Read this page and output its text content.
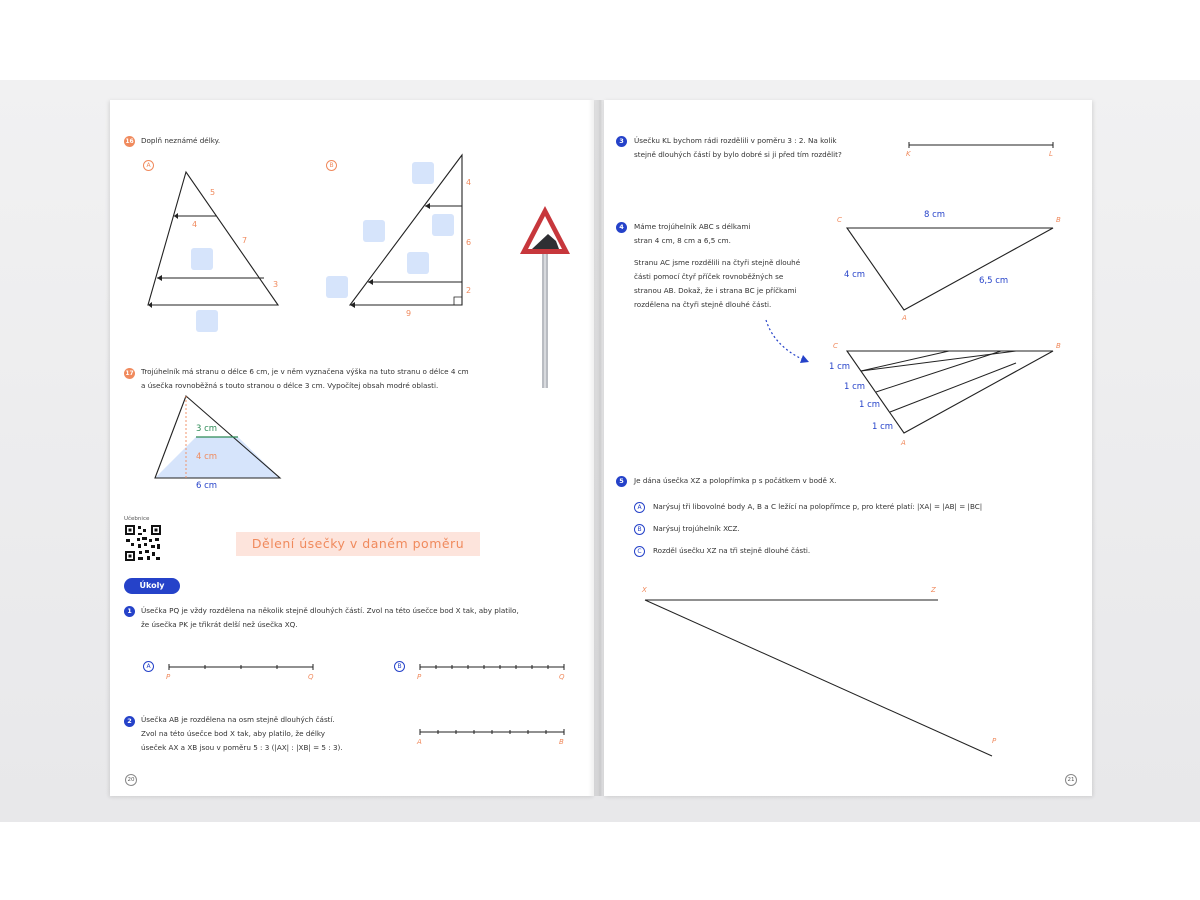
16 Doplň neznámé délky.
A	B
5
4
7
3
4
6
2
9
17 Trojúhelník má stranu o délce 6 cm, je v něm vyznačena výška na tuto stranu o délce 4 cm
a úsečka rovnoběžná s touto stranou o délce 3 cm. Vypočítej obsah modré oblasti.
3 cm
4 cm
6 cm
Učebnice
Dělení úsečky v daném poměru
Úkoly
1	Úsečka PQ je vždy rozdělena na několik stejně dlouhých částí. Zvol na této úsečce bod X tak, aby platilo,
že úsečka PK je třikrát delší než úsečka XQ.
A	B
P	Q	P	Q
2	Úsečka AB je rozdělena na osm stejně dlouhých částí.
Zvol na této úsečce bod X tak, aby platilo, že délky
úseček AX a XB jsou v poměru 5 : 3 (|AX| : |XB| = 5 : 3).
A	B
20
3	Úsečku KL bychom rádi rozdělili v poměru 3 : 2. Na kolik
stejně dlouhých částí by bylo dobré si ji před tím rozdělit?	K	L
4	Máme trojúhelník ABC s délkami
stran 4 cm, 8 cm a 6,5 cm.
Stranu AC jsme rozdělili na čtyři stejně dlouhé
části pomocí čtyř příček rovnoběžných se
stranou AB. Dokaž, že i strana BC je příčkami
rozdělena na čtyři stejně dlouhé části.
C	B
A
8 cm
4 cm
6,5 cm
C	B
A
1 cm
1 cm
1 cm
1 cm
5	Je dána úsečka XZ a polopřímka p s počátkem v bodě X.
A	Narýsuj tři libovolné body A, B a C ležící na polopřímce p, pro které platí: |XA| = |AB| = |BC|
B	Narýsuj trojúhelník XCZ.
C	Rozděl úsečku XZ na tři stejně dlouhé části.
X	Z
P
21
